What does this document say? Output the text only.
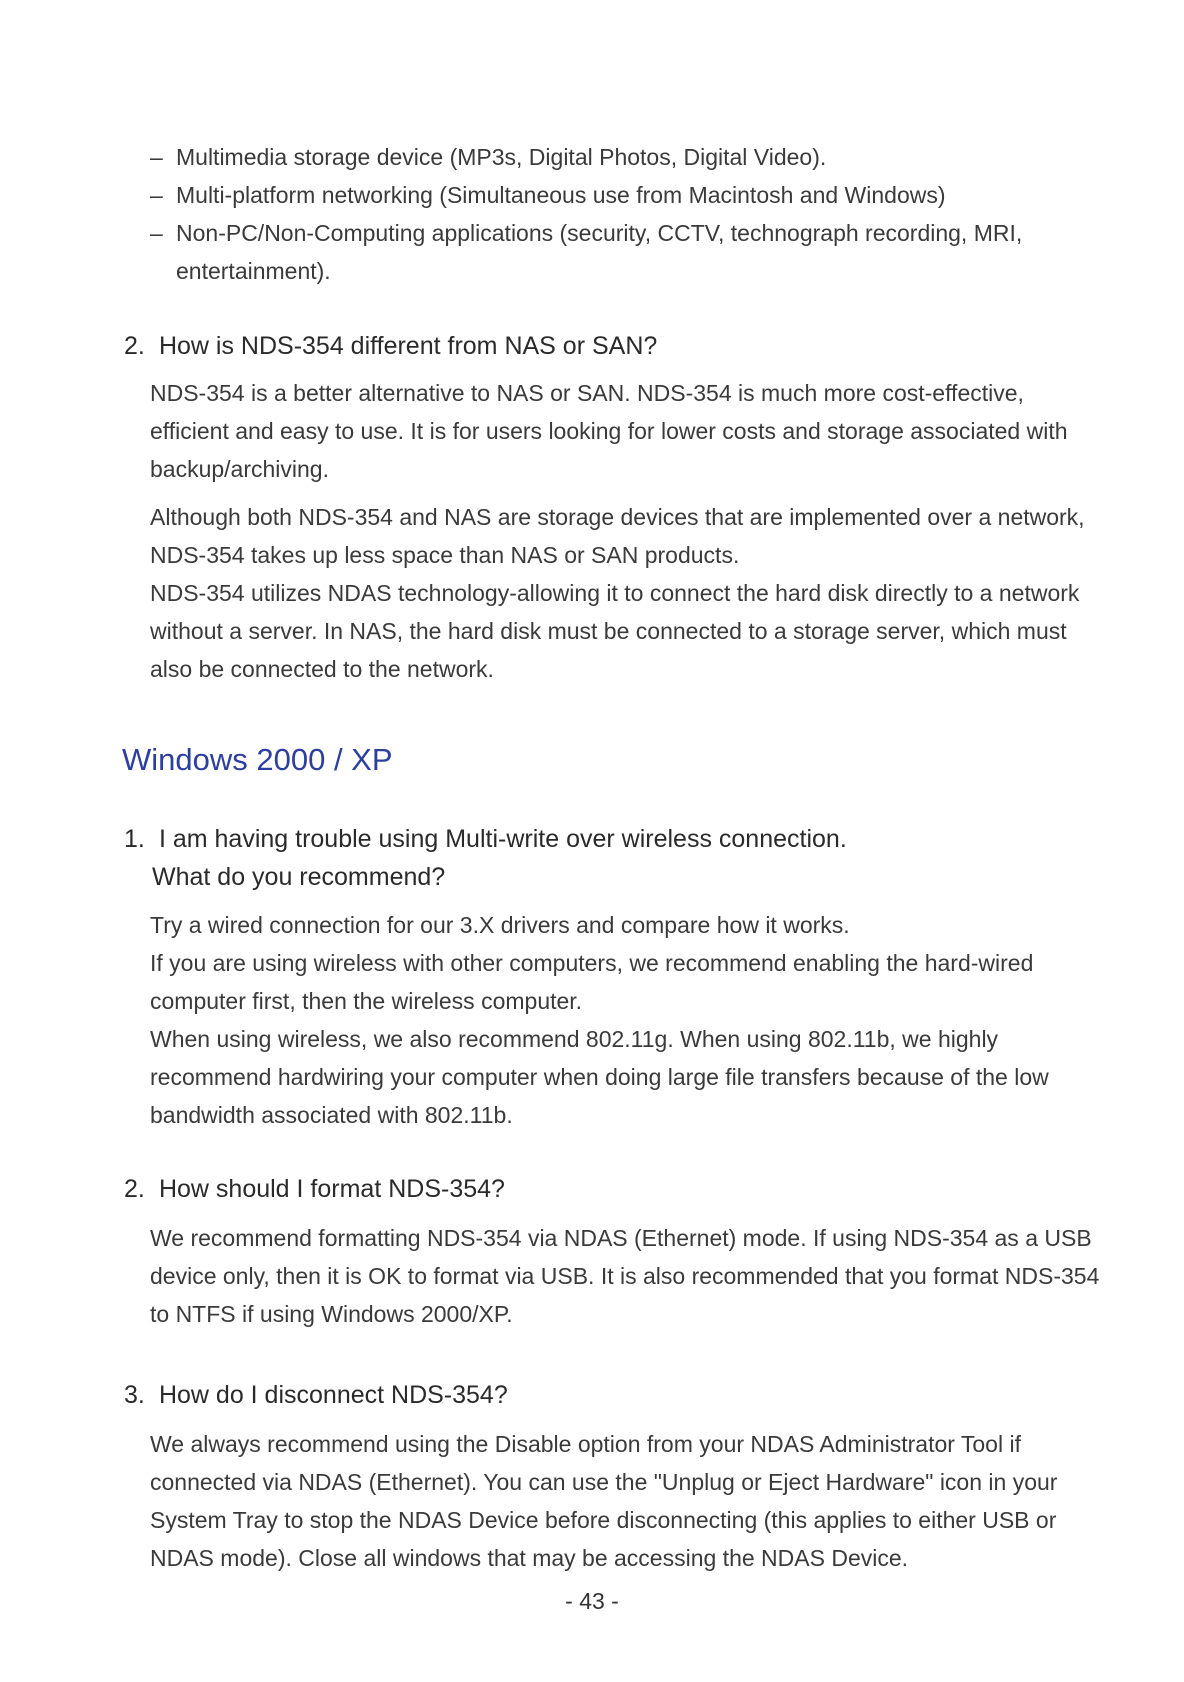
– Multimedia storage device (MP3s, Digital Photos, Digital Video).
– Multi-platform networking (Simultaneous use from Macintosh and Windows)
– Non-PC/Non-Computing applications (security, CCTV, technograph recording, MRI, entertainment).
2. How is NDS-354 different from NAS or SAN?

NDS-354 is a better alternative to NAS or SAN. NDS-354 is much more cost-effective, efficient and easy to use. It is for users looking for lower costs and storage associated with backup/archiving.

Although both NDS-354 and NAS are storage devices that are implemented over a network, NDS-354 takes up less space than NAS or SAN products.

NDS-354 utilizes NDAS technology-allowing it to connect the hard disk directly to a network without a server. In NAS, the hard disk must be connected to a storage server, which must also be connected to the network.

Windows 2000 / XP
1. I am having trouble using Multi-write over wireless connection.
What do you recommend?

Try a wired connection for our 3.X drivers and compare how it works.

If you are using wireless with other computers, we recommend enabling the hard-wired computer first, then the wireless computer.

When using wireless, we also recommend 802.11g. When using 802.11b, we highly recommend hardwiring your computer when doing large file transfers because of the low bandwidth associated with 802.11b.

2. How should I format NDS-354?

We recommend formatting NDS-354 via NDAS (Ethernet) mode. If using NDS-354 as a USB device only, then it is OK to format via USB. It is also recommended that you format NDS-354 to NTFS if using Windows 2000/XP.

3. How do I disconnect NDS-354?

We always recommend using the Disable option from your NDAS Administrator Tool if connected via NDAS (Ethernet). You can use the "Unplug or Eject Hardware" icon in your System Tray to stop the NDAS Device before disconnecting (this applies to either USB or NDAS mode). Close all windows that may be accessing the NDAS Device.

- 43 -
